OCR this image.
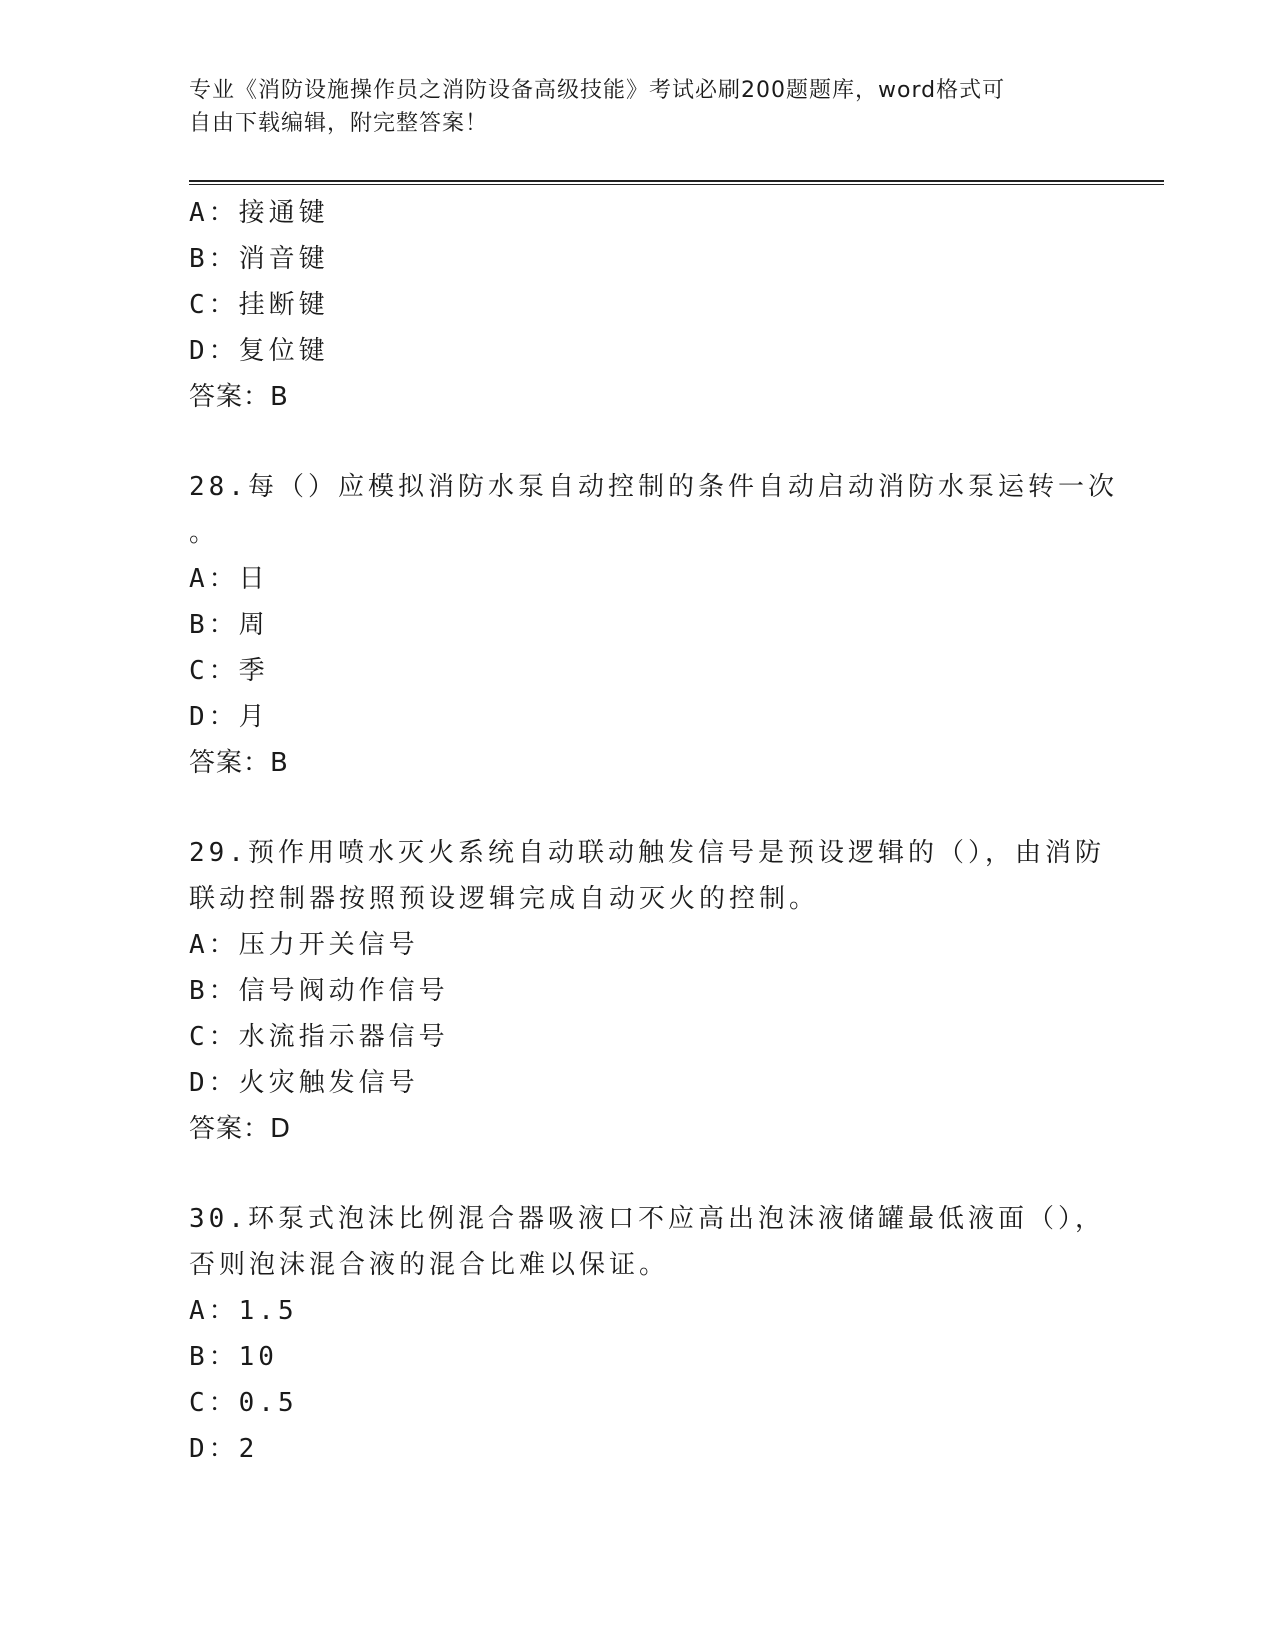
专业《消防设施操作员之消防设备高级技能》考试必刷200题题库，word格式可
自由下载编辑，附完整答案！
A：接通键
B：消音键
C：挂断键
D：复位键
答案：B
28.每（）应模拟消防水泵自动控制的条件自动启动消防水泵运转一次
。
A：日
B：周
C：季
D：月
答案：B
29.预作用喷水灭火系统自动联动触发信号是预设逻辑的（），由消防
联动控制器按照预设逻辑完成自动灭火的控制。
A：压力开关信号
B：信号阀动作信号
C：水流指示器信号
D：火灾触发信号
答案：D
30.环泵式泡沫比例混合器吸液口不应高出泡沫液储罐最低液面（），
否则泡沫混合液的混合比难以保证。
A：1.5
B：10
C：0.5
D：2
